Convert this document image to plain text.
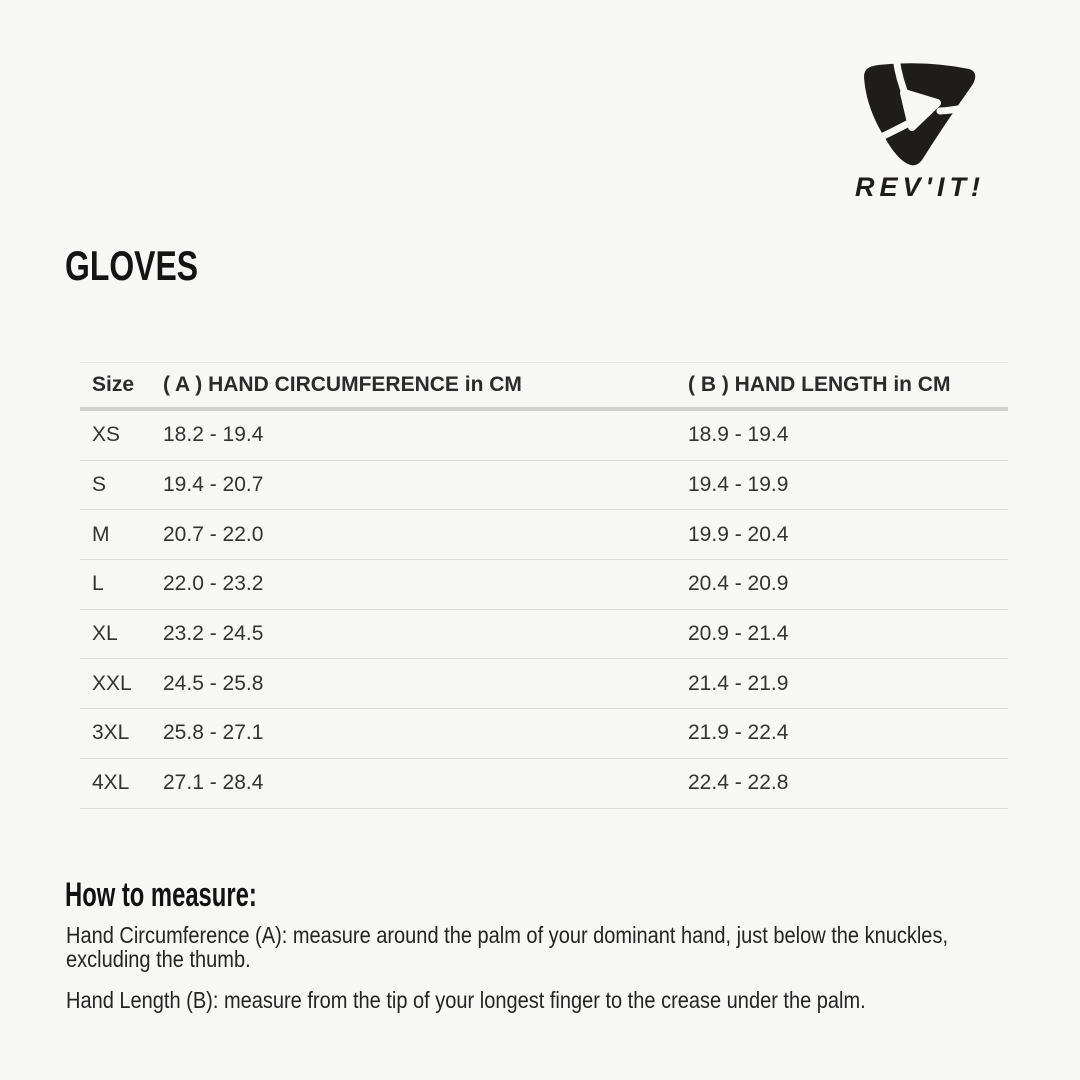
REV'IT!
GLOVES
Size	( A ) HAND CIRCUMFERENCE in CM	( B ) HAND LENGTH in CM
XS	18.2 - 19.4	18.9 - 19.4
S	19.4 - 20.7	19.4 - 19.9
M	20.7 - 22.0	19.9 - 20.4
L	22.0 - 23.2	20.4 - 20.9
XL	23.2 - 24.5	20.9 - 21.4
XXL	24.5 - 25.8	21.4 - 21.9
3XL	25.8 - 27.1	21.9 - 22.4
4XL	27.1 - 28.4	22.4 - 22.8
How to measure:
Hand Circumference (A): measure around the palm of your dominant hand, just below the knuckles,
excluding the thumb.
Hand Length (B): measure from the tip of your longest finger to the crease under the palm.
